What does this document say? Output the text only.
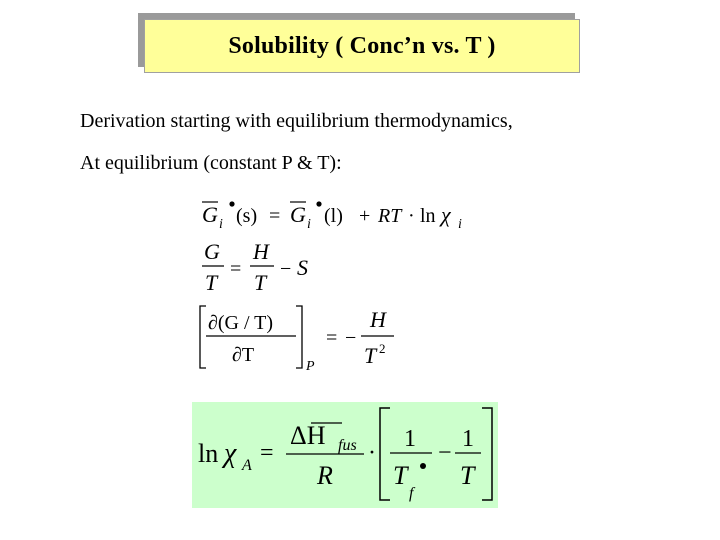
Solubility ( Conc’n vs. T )
Derivation starting with equilibrium thermodynamics,
At equilibrium (constant P & T):
G i (s) = G i (l) + RT · ln χ i
G
T
=
H
T
− S
∂(G / T)
∂T
P
= −
H
T 2
ln χ A =
ΔH fus
R
·
1
T
f
−
1
T
